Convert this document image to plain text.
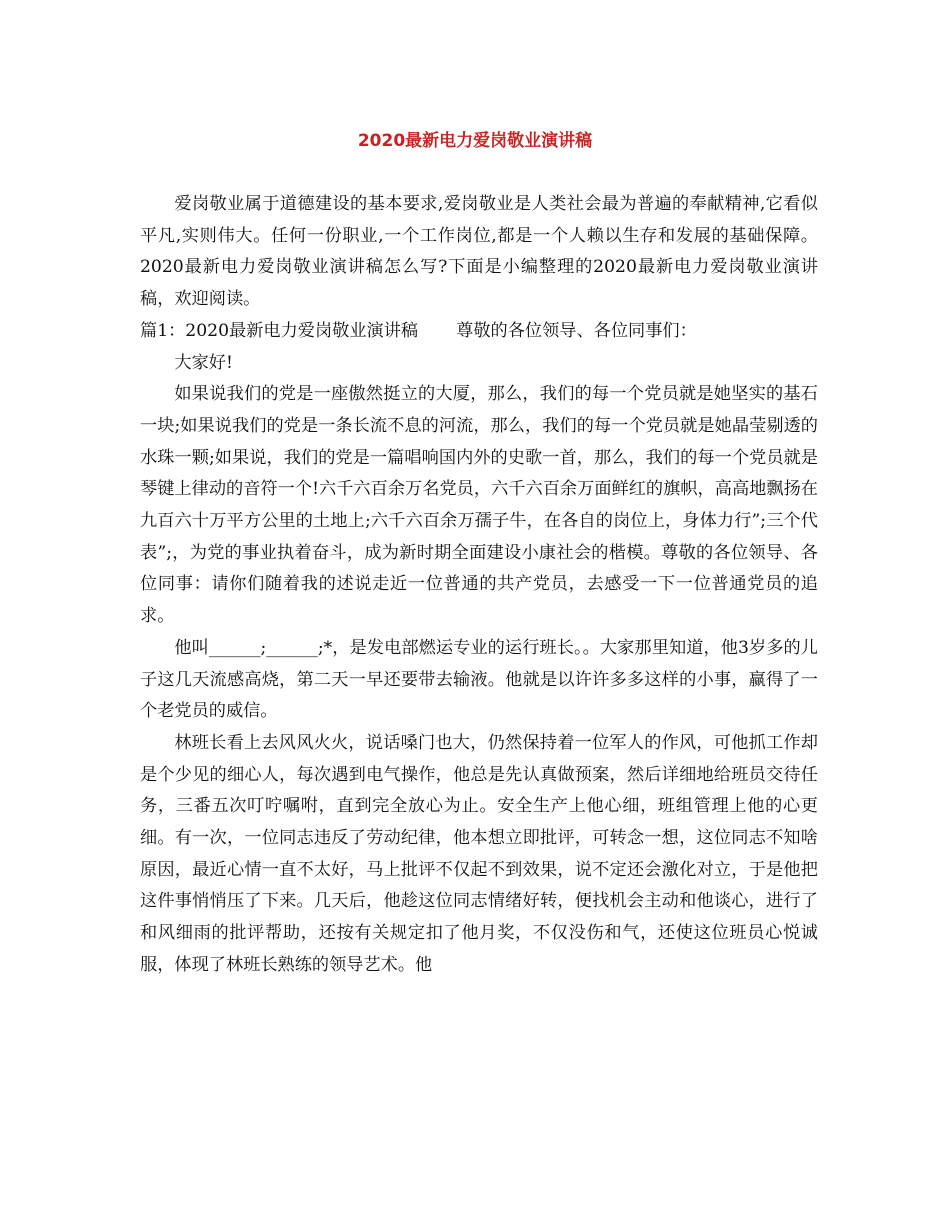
2020最新电力爱岗敬业演讲稿

爱岗敬业属于道德建设的基本要求,爱岗敬业是人类社会最为普遍的奉献精神,它看似平凡,实则伟大。任何一份职业,一个工作岗位,都是一个人赖以生存和发展的基础保障。2020最新电力爱岗敬业演讲稿怎么写?下面是小编整理的2020最新电力爱岗敬业演讲稿，欢迎阅读。

篇1：2020最新电力爱岗敬业演讲稿 尊敬的各位领导、各位同事们：

大家好!

如果说我们的党是一座傲然挺立的大厦，那么，我们的每一个党员就是她坚实的基石一块;如果说我们的党是一条长流不息的河流，那么，我们的每一个党员就是她晶莹剔透的水珠一颗;如果说，我们的党是一篇唱响国内外的史歌一首，那么，我们的每一个党员就是琴键上律动的音符一个!六千六百余万名党员，六千六百余万面鲜红的旗帜，高高地飘扬在九百六十万平方公里的土地上;六千六百余万孺子牛，在各自的岗位上，身体力行”;三个代表”;，为党的事业执着奋斗，成为新时期全面建设小康社会的楷模。尊敬的各位领导、各位同事：请你们随着我的述说走近一位普通的共产党员，去感受一下一位普通党员的追求。

他叫______;______;*，是发电部燃运专业的运行班长。。大家那里知道，他3岁多的儿子这几天流感高烧，第二天一早还要带去输液。他就是以许许多多这样的小事，赢得了一个老党员的威信。

林班长看上去风风火火，说话嗓门也大，仍然保持着一位军人的作风，可他抓工作却是个少见的细心人，每次遇到电气操作，他总是先认真做预案，然后详细地给班员交待任务，三番五次叮咛嘱咐，直到完全放心为止。安全生产上他心细，班组管理上他的心更细。有一次，一位同志违反了劳动纪律，他本想立即批评，可转念一想，这位同志不知啥原因，最近心情一直不太好，马上批评不仅起不到效果，说不定还会激化对立，于是他把这件事悄悄压了下来。几天后，他趁这位同志情绪好转，便找机会主动和他谈心，进行了和风细雨的批评帮助，还按有关规定扣了他月奖，不仅没伤和气，还使这位班员心悦诚服，体现了林班长熟练的领导艺术。他
